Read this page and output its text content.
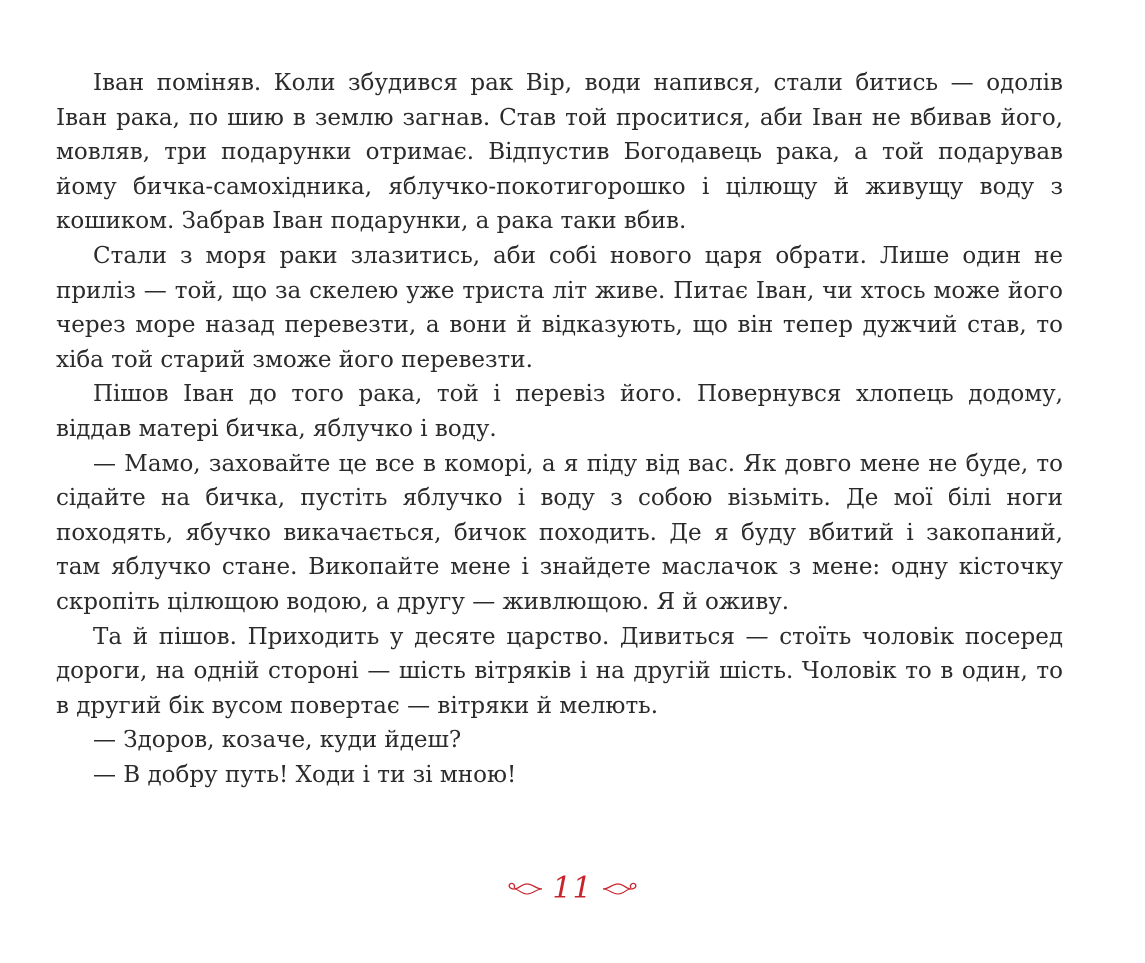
Іван поміняв. Коли збудився рак Вір, води напився, стали битись — одолів Іван рака, по шию в землю загнав. Став той проситися, аби Іван не вбивав його, мовляв, три подарунки отримає. Відпустив Богодавець рака, а той подарував йому бичка-самохідника, яблучко-покотигорошко і цілющу й живущу воду з кошиком. Забрав Іван подарунки, а рака таки вбив.

Стали з моря раки злазитись, аби собі нового царя обрати. Лише один не приліз — той, що за скелею уже триста літ живе. Питає Іван, чи хтось може його через море назад перевезти, а вони й відказують, що він тепер дужчий став, то хіба той старий зможе його перевезти.

Пішов Іван до того рака, той і перевіз його. Повернувся хлопець додому, віддав матері бичка, яблучко і воду.

— Мамо, заховайте це все в коморі, а я піду від вас. Як довго мене не буде, то сідайте на бичка, пустіть яблучко і воду з собою візьміть. Де мої білі ноги походять, ябучко викачається, бичок походить. Де я буду вбитий і закопаний, там яблучко стане. Викопайте мене і знайдете маслачок з мене: одну кісточку скропіть цілющою водою, а другу — живлющою. Я й оживу.

Та й пішов. Приходить у десяте царство. Дивиться — стоїть чоловік посеред дороги, на одній стороні — шість вітряків і на другій шість. Чоловік то в один, то в другий бік вусом повертає — вітряки й мелють.

— Здоров, козаче, куди йдеш?

— В добру путь! Ходи і ти зі мною!

11
